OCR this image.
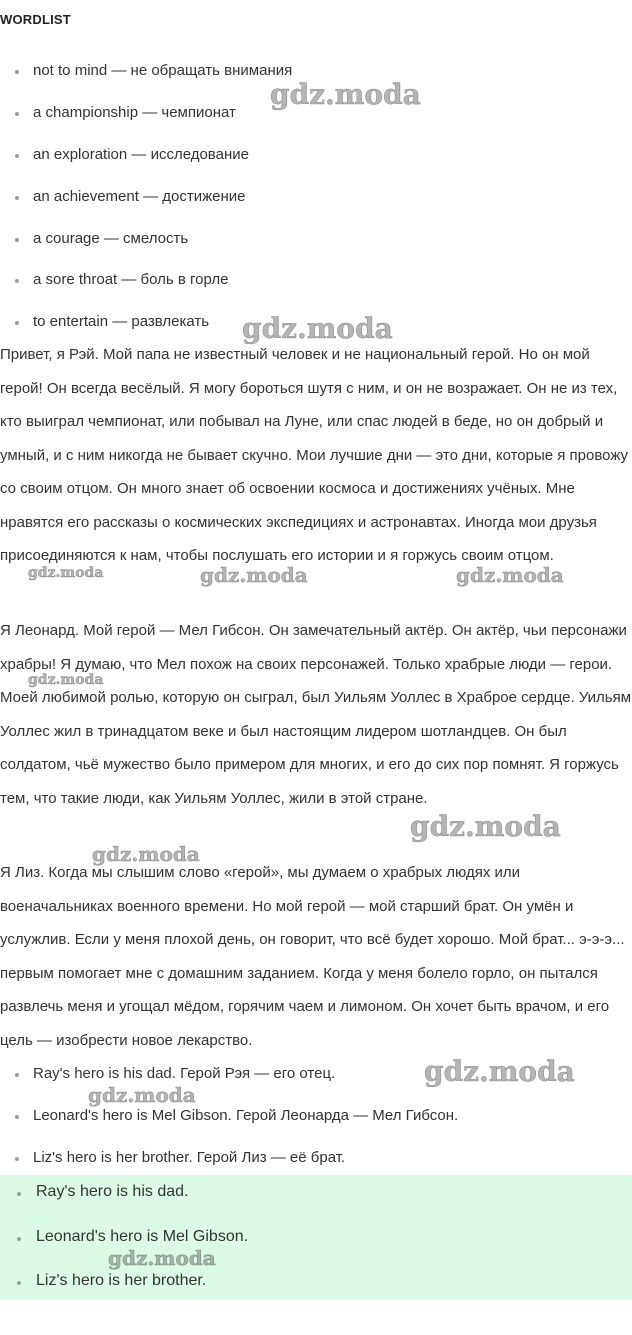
WORDLIST
not to mind — не обращать внимания
a championship — чемпионат
an exploration — исследование
an achievement — достижение
a courage — смелость
a sore throat — боль в горле
to entertain — развлекать

Привет, я Рэй. Мой папа не известный человек и не национальный герой. Но он мой герой! Он всегда весёлый. Я могу бороться шутя с ним, и он не возражает. Он не из тех, кто выиграл чемпионат, или побывал на Луне, или спас людей в беде, но он добрый и умный, и с ним никогда не бывает скучно. Мои лучшие дни — это дни, которые я провожу со своим отцом. Он много знает об освоении космоса и достижениях учёных. Мне нравятся его рассказы о космических экспедициях и астронавтах. Иногда мои друзья присоединяются к нам, чтобы послушать его истории и я горжусь своим отцом.

Я Леонард. Мой герой — Мел Гибсон. Он замечательный актёр. Он актёр, чьи персонажи храбры! Я думаю, что Мел похож на своих персонажей. Только храбрые люди — герои. Моей любимой ролью, которую он сыграл, был Уильям Уоллес в Храброе сердце. Уильям Уоллес жил в тринадцатом веке и был настоящим лидером шотландцев. Он был солдатом, чьё мужество было примером для многих, и его до сих пор помнят. Я горжусь тем, что такие люди, как Уильям Уоллес, жили в этой стране.

Я Лиз. Когда мы слышим слово «герой», мы думаем о храбрых людях или военачальниках военного времени. Но мой герой — мой старший брат. Он умён и услужлив. Если у меня плохой день, он говорит, что всё будет хорошо. Мой брат... э-э-э... первым помогает мне с домашним заданием. Когда у меня болело горло, он пытался развлечь меня и угощал мёдом, горячим чаем и лимоном. Он хочет быть врачом, и его цель — изобрести новое лекарство.

Ray's hero is his dad. Герой Рэя — его отец.
Leonard's hero is Mel Gibson. Герой Леонарда — Мел Гибсон.
Liz's hero is her brother. Герой Лиз — её брат.
Ray's hero is his dad.
Leonard's hero is Mel Gibson.
Liz's hero is her brother.
gdz.moda
gdz.moda
gdz.moda	gdz.moda	gdz.moda
gdz.moda
gdz.moda
gdz.moda
gdz.moda
gdz.moda
gdz.moda
